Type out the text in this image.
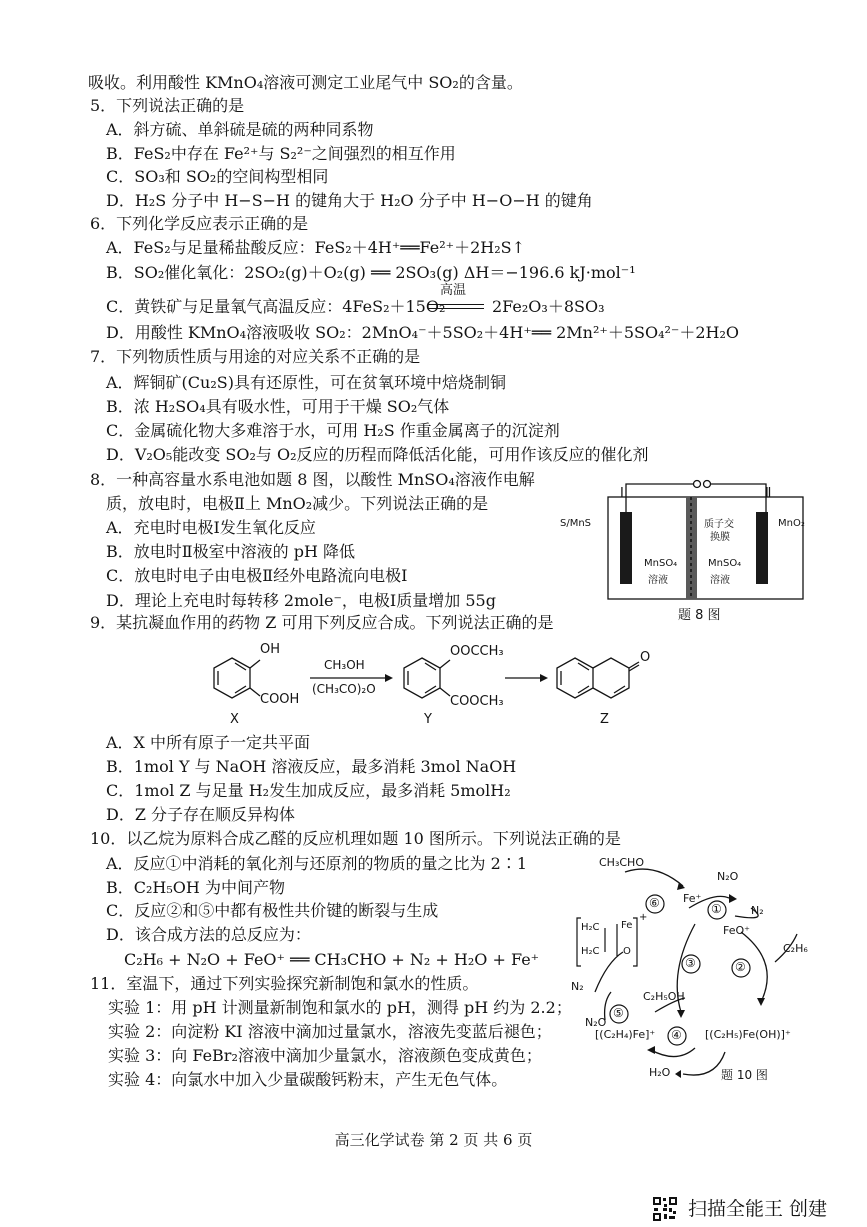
吸收。利用酸性 KMnO₄溶液可测定工业尾气中 SO₂的含量。
5．下列说法正确的是
A．斜方硫、单斜硫是硫的两种同系物
B．FeS₂中存在 Fe²⁺与 S₂²⁻之间强烈的相互作用
C．SO₃和 SO₂的空间构型相同
D．H₂S 分子中 H−S−H 的键角大于 H₂O 分子中 H−O−H 的键角
6．下列化学反应表示正确的是
A．FeS₂与足量稀盐酸反应：FeS₂＋4H⁺══Fe²⁺＋2H₂S↑
B．SO₂催化氧化：2SO₂(g)＋O₂(g) ══ 2SO₃(g) ΔH＝−196.6 kJ·mol⁻¹
C．黄铁矿与足量氧气高温反应：4FeS₂＋15O₂
高温
2Fe₂O₃＋8SO₃
D．用酸性 KMnO₄溶液吸收 SO₂：2MnO₄⁻＋5SO₂＋4H⁺══ 2Mn²⁺＋5SO₄²⁻＋2H₂O
7．下列物质性质与用途的对应关系不正确的是
A．辉铜矿(Cu₂S)具有还原性，可在贫氧环境中焙烧制铜
B．浓 H₂SO₄具有吸水性，可用于干燥 SO₂气体
C．金属硫化物大多难溶于水，可用 H₂S 作重金属离子的沉淀剂
D．V₂O₅能改变 SO₂与 O₂反应的历程而降低活化能，可用作该反应的催化剂
8．一种高容量水系电池如题 8 图，以酸性 MnSO₄溶液作电解
质，放电时，电极Ⅱ上 MnO₂减少。下列说法正确的是
A．充电时电极Ⅰ发生氧化反应
B．放电时Ⅱ极室中溶液的 pH 降低
C．放电时电子由电极Ⅱ经外电路流向电极Ⅰ
D．理论上充电时每转移 2mole⁻，电极Ⅰ质量增加 55g
9．某抗凝血作用的药物 Z 可用下列反应合成。下列说法正确的是
A．X 中所有原子一定共平面
B．1mol Y 与 NaOH 溶液反应，最多消耗 3mol NaOH
C．1mol Z 与足量 H₂发生加成反应，最多消耗 5molH₂
D．Z 分子存在顺反异构体
10．以乙烷为原料合成乙醛的反应机理如题 10 图所示。下列说法正确的是
A．反应①中消耗的氧化剂与还原剂的物质的量之比为 2∶1
B．C₂H₅OH 为中间产物
C．反应②和⑤中都有极性共价键的断裂与生成
D．该合成方法的总反应为：
C₂H₆ + N₂O + FeO⁺ ══ CH₃CHO + N₂ + H₂O + Fe⁺
11．室温下，通过下列实验探究新制饱和氯水的性质。
实验 1：用 pH 计测量新制饱和氯水的 pH，测得 pH 约为 2.2；
实验 2：向淀粉 KI 溶液中滴加过量氯水，溶液先变蓝后褪色；
实验 3：向 FeBr₂溶液中滴加少量氯水，溶液颜色变成黄色；
实验 4：向氯水中加入少量碳酸钙粉末，产生无色气体。
Ⅰ	Ⅱ
S/MnS	MnO₂
质子交
换膜
MnSO₄
溶液
MnSO₄
溶液
题 8 图
OH
COOH
CH₃OH
(CH₃CO)₂O
OOCCH₃
COOCH₃
O
X	Y	Z
CH₃CHO
N₂O
Fe⁺
N₂
FeO⁺
C₂H₆
N₂
N₂O
C₂H₅OH
[(C₂H₄)Fe]⁺	[(C₂H₅)Fe(OH)]⁺
H₂O
H₂C Fe
H₂C O
+
⑥	①
②
③
④
⑤
题 10 图
高三化学试卷 第 2 页 共 6 页
扫描全能王 创建
